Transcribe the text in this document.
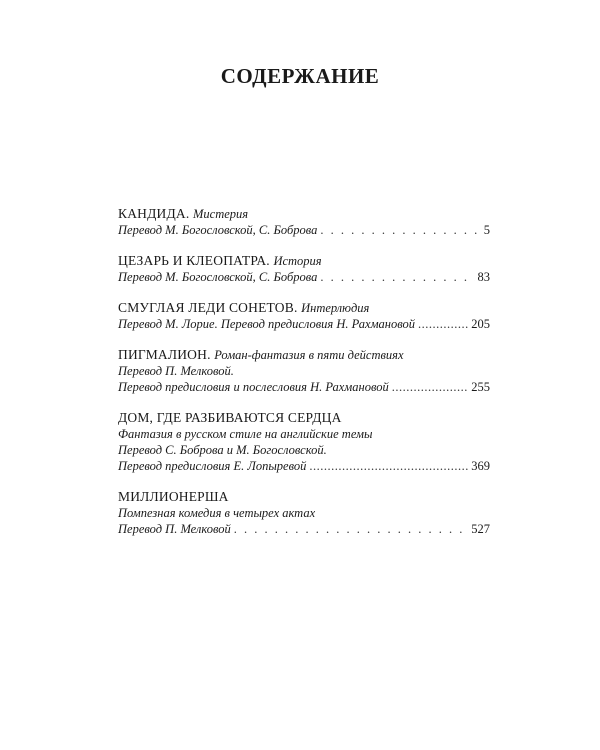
СОДЕРЖАНИЕ
КАНДИДА. Мистерия
Перевод М. Богословской, С. Боброва . . .	5
ЦЕЗАРЬ И КЛЕОПАТРА. История
Перевод М. Богословской, С. Боброва . . .	83
СМУГЛАЯ ЛЕДИ СОНЕТОВ. Интерлюдия
Перевод М. Лорие. Перевод предисловия Н. Рахмановой .....	205
ПИГМАЛИОН. Роман-фантазия в пяти действиях
Перевод П. Мелковой.
Перевод предисловия и послесловия Н. Рахмановой .....	255
ДОМ, ГДЕ РАЗБИВАЮТСЯ СЕРДЦА
Фантазия в русском стиле на английские темы
Перевод С. Боброва и М. Богословской.
Перевод предисловия Е. Лопыревой .....	369
МИЛЛИОНЕРША
Помпезная комедия в четырех актах
Перевод П. Мелковой . . .	527
